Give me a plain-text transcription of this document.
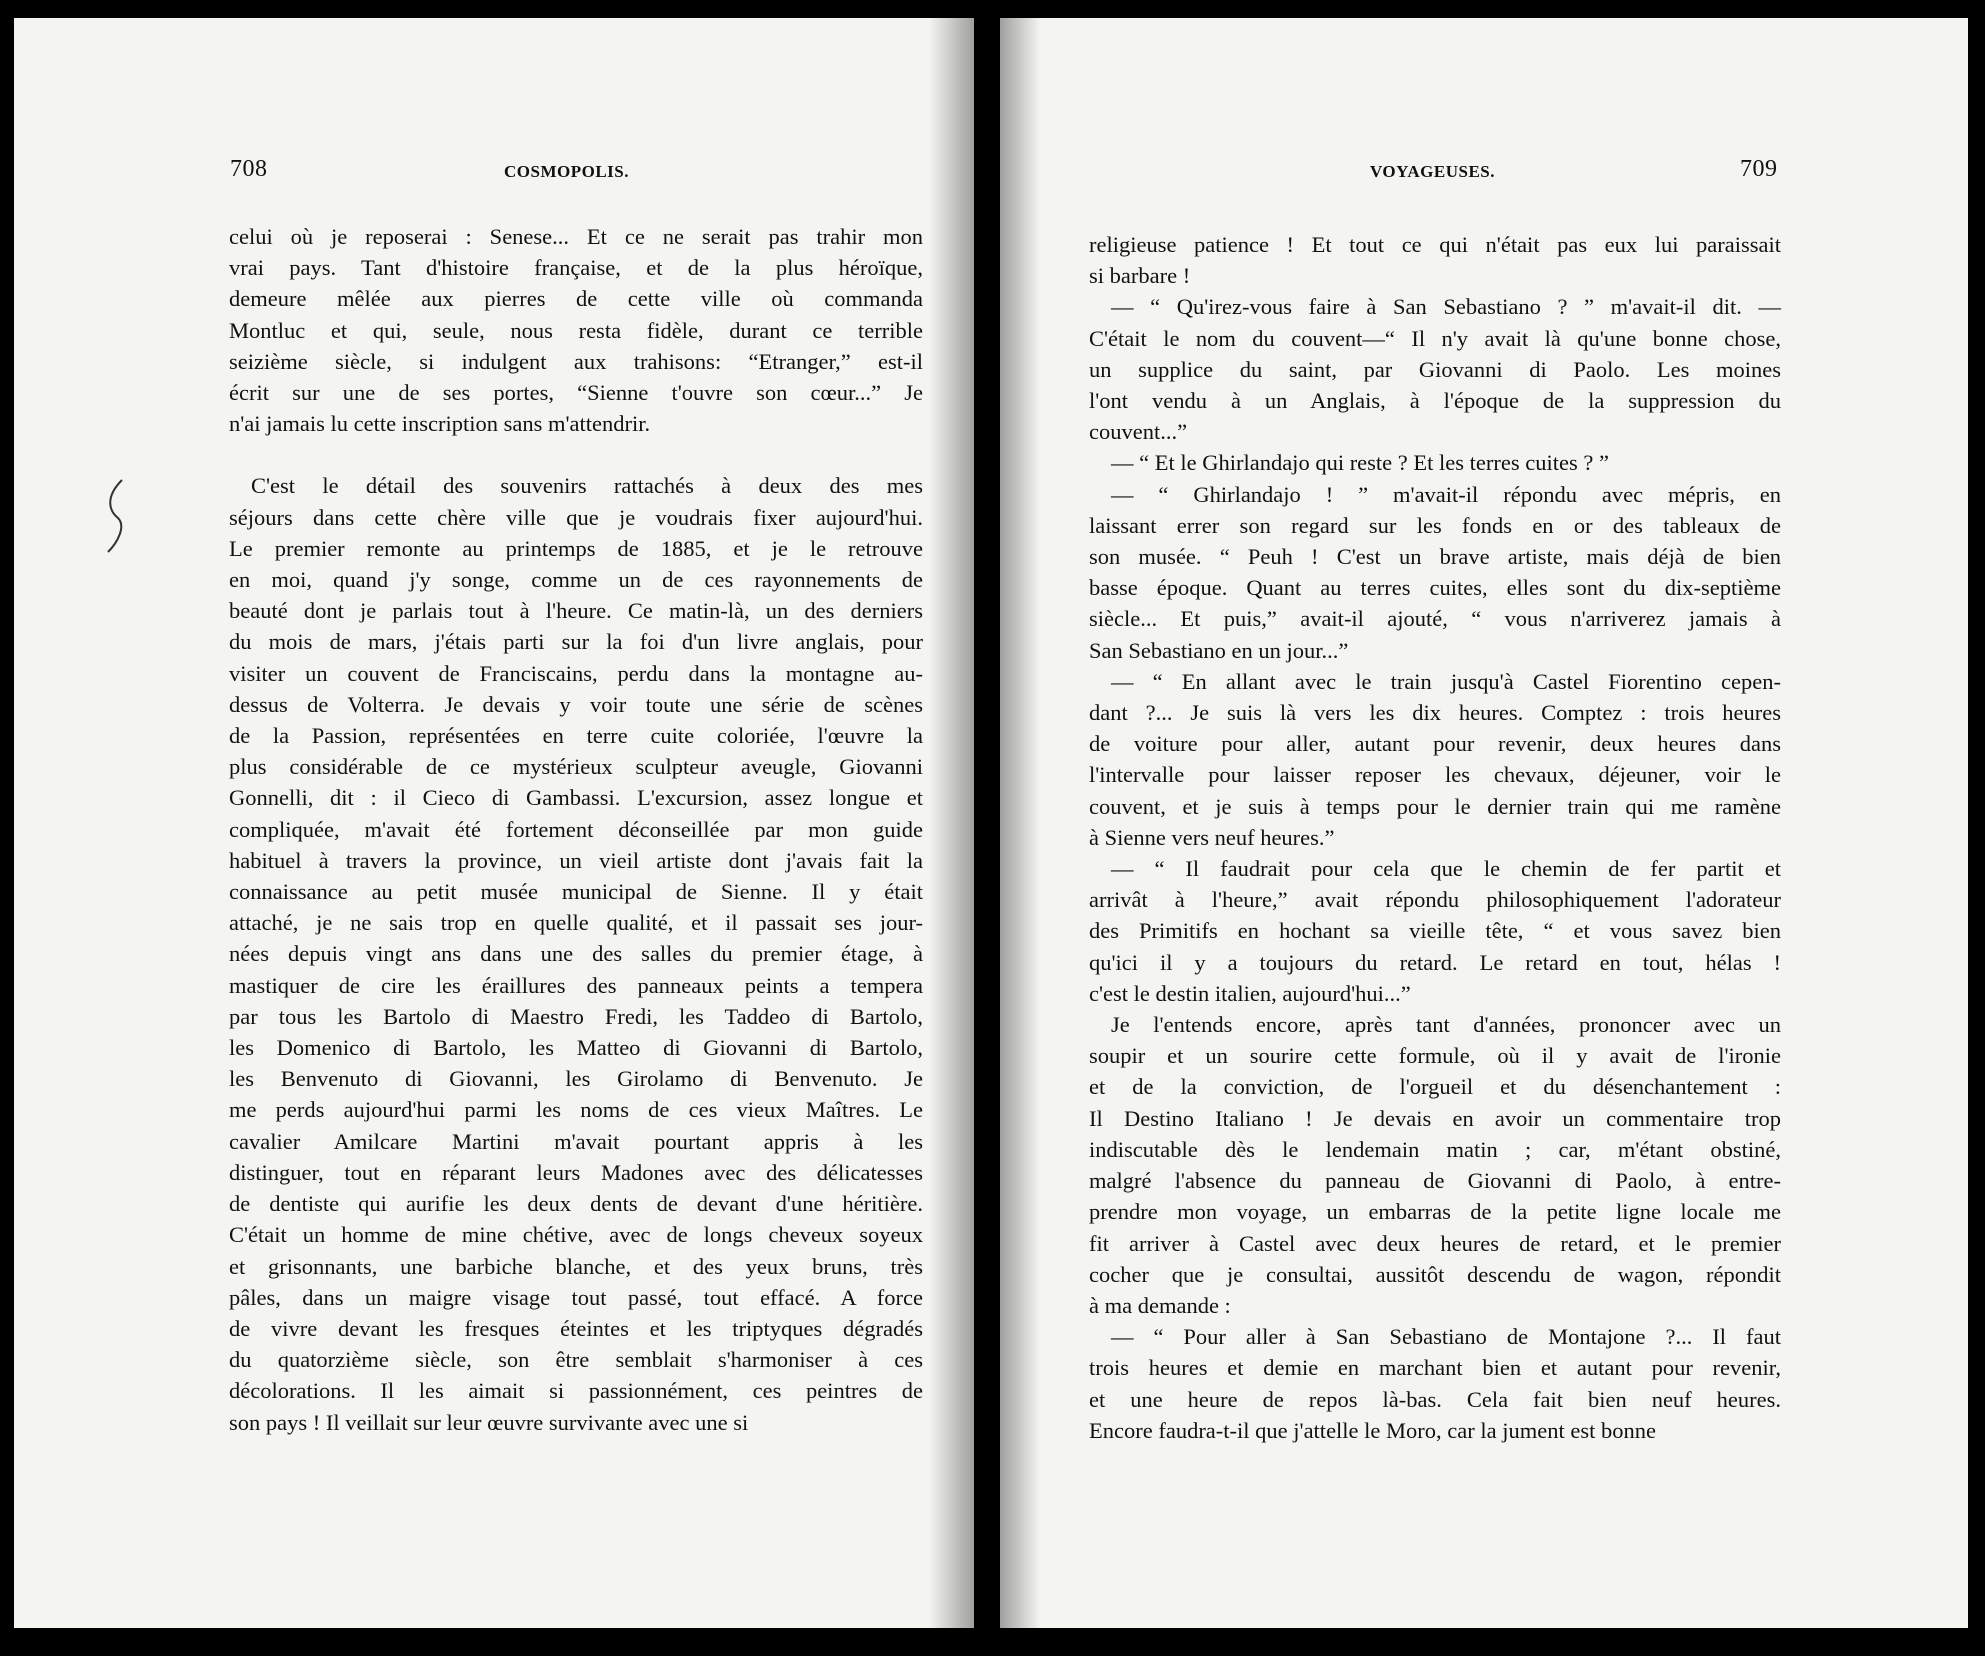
708	COSMOPOLIS.

celui où je reposerai : Senese... Et ce ne serait pas trahir mon
vrai pays. Tant d'histoire française, et de la plus héroïque,
demeure mêlée aux pierres de cette ville où commanda
Montluc et qui, seule, nous resta fidèle, durant ce terrible
seizième siècle, si indulgent aux trahisons: “Etranger,” est-il
écrit sur une de ses portes, “Sienne t'ouvre son cœur...” Je
n'ai jamais lu cette inscription sans m'attendrir.

C'est le détail des souvenirs rattachés à deux des mes
séjours dans cette chère ville que je voudrais fixer aujourd'hui.
Le premier remonte au printemps de 1885, et je le retrouve
en moi, quand j'y songe, comme un de ces rayonnements de
beauté dont je parlais tout à l'heure. Ce matin-là, un des derniers
du mois de mars, j'étais parti sur la foi d'un livre anglais, pour
visiter un couvent de Franciscains, perdu dans la montagne au-
dessus de Volterra. Je devais y voir toute une série de scènes
de la Passion, représentées en terre cuite coloriée, l'œuvre la
plus considérable de ce mystérieux sculpteur aveugle, Giovanni
Gonnelli, dit : il Cieco di Gambassi. L'excursion, assez longue et
compliquée, m'avait été fortement déconseillée par mon guide
habituel à travers la province, un vieil artiste dont j'avais fait la
connaissance au petit musée municipal de Sienne. Il y était
attaché, je ne sais trop en quelle qualité, et il passait ses jour-
nées depuis vingt ans dans une des salles du premier étage, à
mastiquer de cire les éraillures des panneaux peints a tempera
par tous les Bartolo di Maestro Fredi, les Taddeo di Bartolo,
les Domenico di Bartolo, les Matteo di Giovanni di Bartolo,
les Benvenuto di Giovanni, les Girolamo di Benvenuto. Je
me perds aujourd'hui parmi les noms de ces vieux Maîtres. Le
cavalier Amilcare Martini m'avait pourtant appris à les
distinguer, tout en réparant leurs Madones avec des délicatesses
de dentiste qui aurifie les deux dents de devant d'une héritière.
C'était un homme de mine chétive, avec de longs cheveux soyeux
et grisonnants, une barbiche blanche, et des yeux bruns, très
pâles, dans un maigre visage tout passé, tout effacé. A force
de vivre devant les fresques éteintes et les triptyques dégradés
du quatorzième siècle, son être semblait s'harmoniser à ces
décolorations. Il les aimait si passionnément, ces peintres de
son pays ! Il veillait sur leur œuvre survivante avec une si

VOYAGEUSES.	709

religieuse patience ! Et tout ce qui n'était pas eux lui paraissait
si barbare !

— “ Qu'irez-vous faire à San Sebastiano ? ” m'avait-il dit. —
C'était le nom du couvent—“ Il n'y avait là qu'une bonne chose,
un supplice du saint, par Giovanni di Paolo. Les moines
l'ont vendu à un Anglais, à l'époque de la suppression du
couvent...”

— “ Et le Ghirlandajo qui reste ? Et les terres cuites ? ”

— “ Ghirlandajo ! ” m'avait-il répondu avec mépris, en
laissant errer son regard sur les fonds en or des tableaux de
son musée. “ Peuh ! C'est un brave artiste, mais déjà de bien
basse époque. Quant au terres cuites, elles sont du dix-septième
siècle... Et puis,” avait-il ajouté, “ vous n'arriverez jamais à
San Sebastiano en un jour...”

— “ En allant avec le train jusqu'à Castel Fiorentino cepen-
dant ?... Je suis là vers les dix heures. Comptez : trois heures
de voiture pour aller, autant pour revenir, deux heures dans
l'intervalle pour laisser reposer les chevaux, déjeuner, voir le
couvent, et je suis à temps pour le dernier train qui me ramène
à Sienne vers neuf heures.”

— “ Il faudrait pour cela que le chemin de fer partit et
arrivât à l'heure,” avait répondu philosophiquement l'adorateur
des Primitifs en hochant sa vieille tête, “ et vous savez bien
qu'ici il y a toujours du retard. Le retard en tout, hélas !
c'est le destin italien, aujourd'hui...”

Je l'entends encore, après tant d'années, prononcer avec un
soupir et un sourire cette formule, où il y avait de l'ironie
et de la conviction, de l'orgueil et du désenchantement :
Il Destino Italiano ! Je devais en avoir un commentaire trop
indiscutable dès le lendemain matin ; car, m'étant obstiné,
malgré l'absence du panneau de Giovanni di Paolo, à entre-
prendre mon voyage, un embarras de la petite ligne locale me
fit arriver à Castel avec deux heures de retard, et le premier
cocher que je consultai, aussitôt descendu de wagon, répondit
à ma demande :

— “ Pour aller à San Sebastiano de Montajone ?... Il faut
trois heures et demie en marchant bien et autant pour revenir,
et une heure de repos là-bas. Cela fait bien neuf heures.
Encore faudra-t-il que j'attelle le Moro, car la jument est bonne
